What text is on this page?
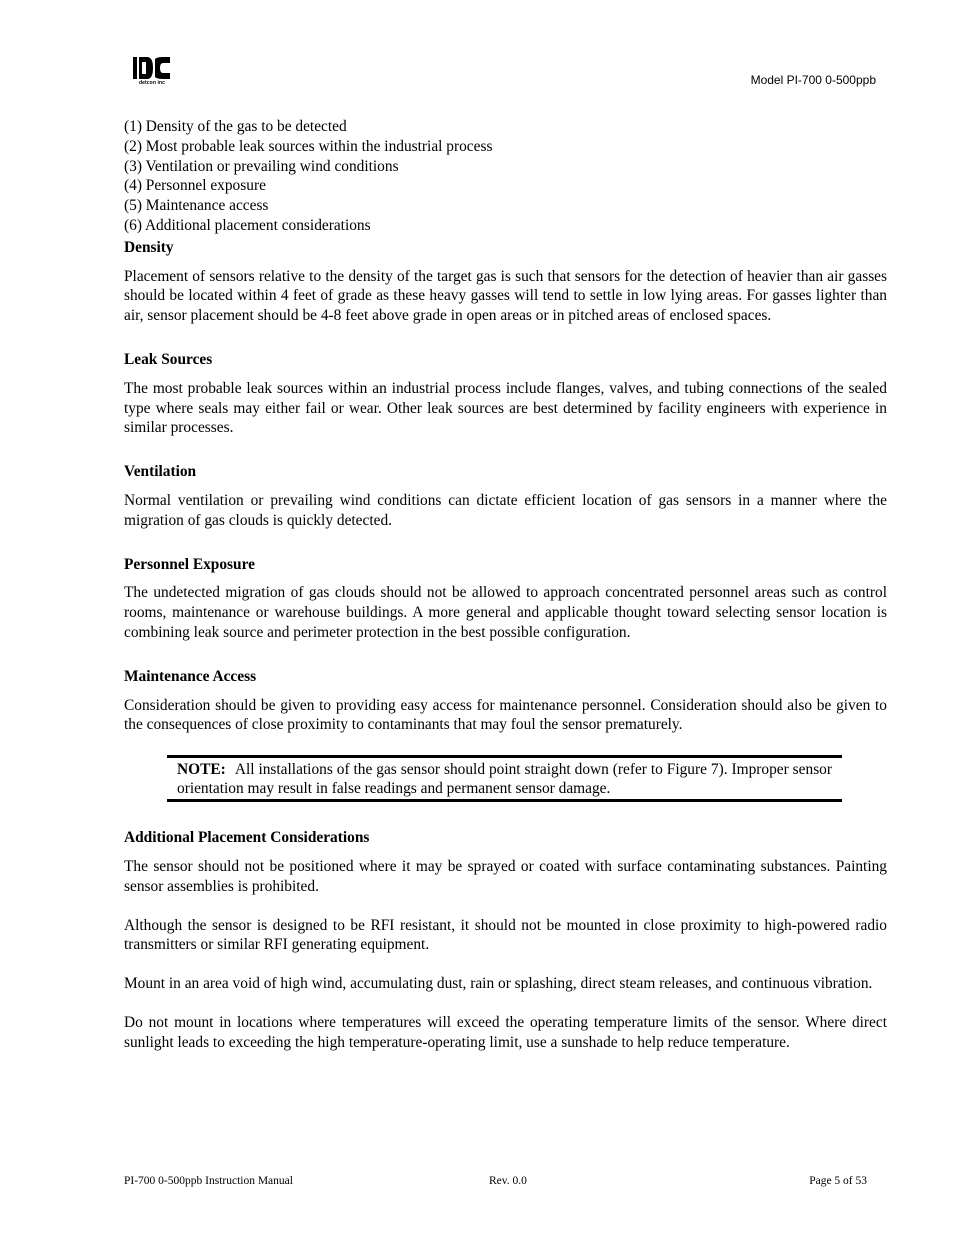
detcon inc	Model PI-700 0-500ppb
(1) Density of the gas to be detected
(2) Most probable leak sources within the industrial process
(3) Ventilation or prevailing wind conditions
(4) Personnel exposure
(5) Maintenance access
(6) Additional placement considerations
Density

Placement of sensors relative to the density of the target gas is such that sensors for the detection of heavier than air gasses should be located within 4 feet of grade as these heavy gasses will tend to settle in low lying areas. For gasses lighter than air, sensor placement should be 4-8 feet above grade in open areas or in pitched areas of enclosed spaces.

Leak Sources

The most probable leak sources within an industrial process include flanges, valves, and tubing connections of the sealed type where seals may either fail or wear. Other leak sources are best determined by facility engineers with experience in similar processes.

Ventilation

Normal ventilation or prevailing wind conditions can dictate efficient location of gas sensors in a manner where the migration of gas clouds is quickly detected.

Personnel Exposure

The undetected migration of gas clouds should not be allowed to approach concentrated personnel areas such as control rooms, maintenance or warehouse buildings. A more general and applicable thought toward selecting sensor location is combining leak source and perimeter protection in the best possible configuration.

Maintenance Access

Consideration should be given to providing easy access for maintenance personnel. Consideration should also be given to the consequences of close proximity to contaminants that may foul the sensor prematurely.

NOTE: All installations of the gas sensor should point straight down (refer to Figure 7). Improper sensor orientation may result in false readings and permanent sensor damage.
Additional Placement Considerations

The sensor should not be positioned where it may be sprayed or coated with surface contaminating substances. Painting sensor assemblies is prohibited.

Although the sensor is designed to be RFI resistant, it should not be mounted in close proximity to high-powered radio transmitters or similar RFI generating equipment.

Mount in an area void of high wind, accumulating dust, rain or splashing, direct steam releases, and continuous vibration.

Do not mount in locations where temperatures will exceed the operating temperature limits of the sensor. Where direct sunlight leads to exceeding the high temperature-operating limit, use a sunshade to help reduce temperature.

PI-700 0-500ppb Instruction Manual	Rev. 0.0	Page 5 of 53
